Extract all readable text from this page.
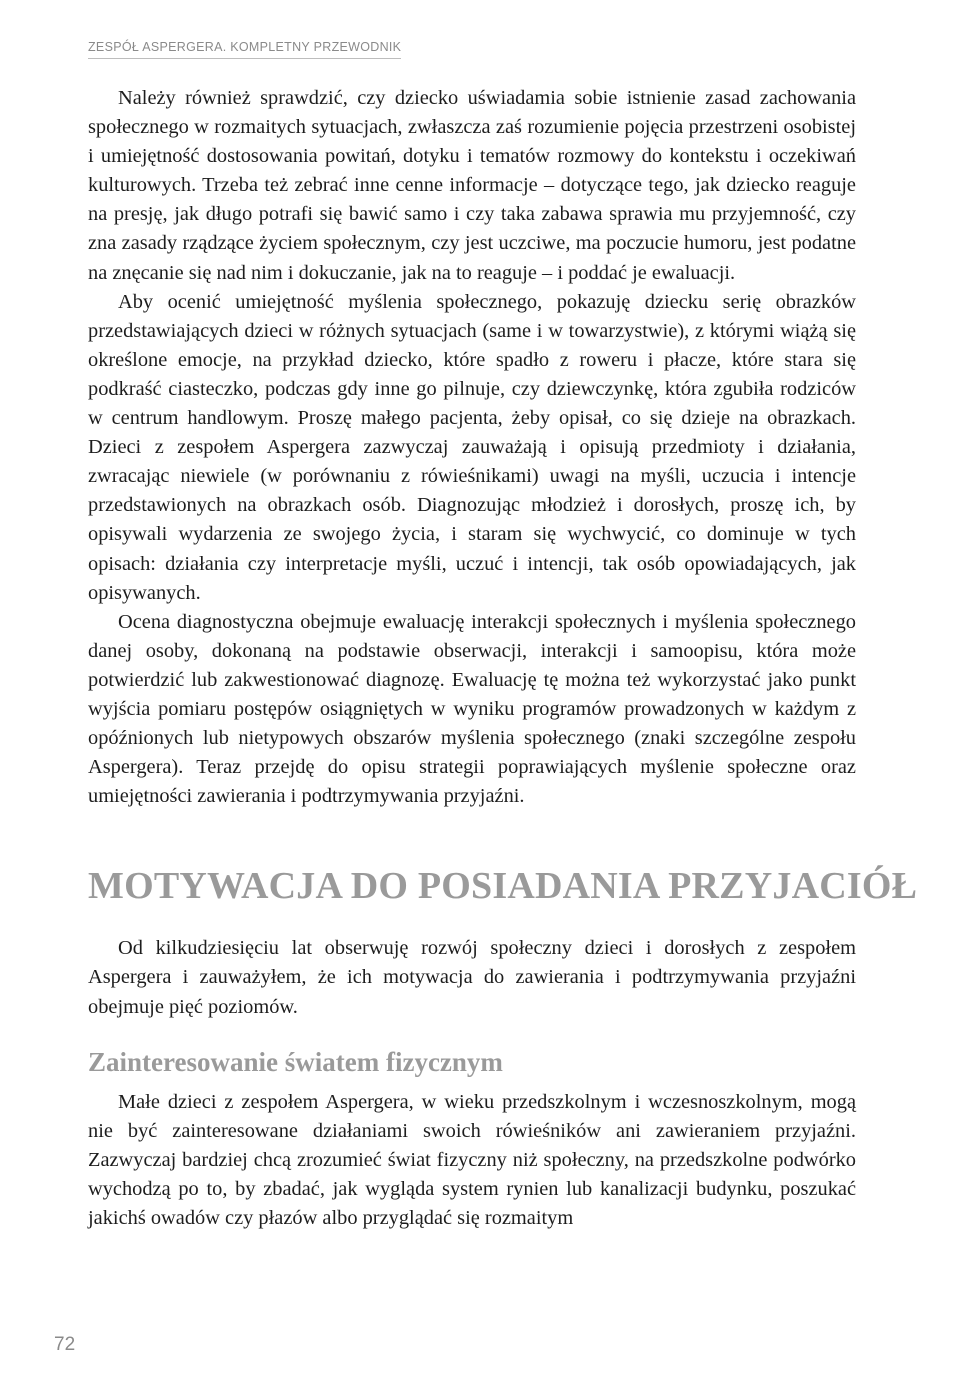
ZESPÓŁ ASPERGERA. KOMPLETNY PRZEWODNIK

Należy również sprawdzić, czy dziecko uświadamia sobie istnienie zasad zachowania społecznego w rozmaitych sytuacjach, zwłaszcza zaś rozumienie pojęcia przestrzeni osobistej i umiejętność dostosowania powitań, dotyku i tematów rozmowy do kontekstu i oczekiwań kulturowych. Trzeba też zebrać inne cenne informacje – dotyczące tego, jak dziecko reaguje na presję, jak długo potrafi się bawić samo i czy taka zabawa sprawia mu przyjemność, czy zna zasady rządzące życiem społecznym, czy jest uczciwe, ma poczucie humoru, jest podatne na znęcanie się nad nim i dokuczanie, jak na to reaguje – i poddać je ewaluacji.

Aby ocenić umiejętność myślenia społecznego, pokazuję dziecku serię obrazków przedstawiających dzieci w różnych sytuacjach (same i w towarzystwie), z którymi wiążą się określone emocje, na przykład dziecko, które spadło z roweru i płacze, które stara się podkraść ciasteczko, podczas gdy inne go pilnuje, czy dziewczynkę, która zgubiła rodziców w centrum handlowym. Proszę małego pacjenta, żeby opisał, co się dzieje na obrazkach. Dzieci z zespołem Aspergera zazwyczaj zauważają i opisują przedmioty i działania, zwracając niewiele (w porównaniu z rówieśnikami) uwagi na myśli, uczucia i intencje przedstawionych na obrazkach osób. Diagnozując młodzież i dorosłych, proszę ich, by opisywali wydarzenia ze swojego życia, i staram się wychwycić, co dominuje w tych opisach: działania czy interpretacje myśli, uczuć i intencji, tak osób opowiadających, jak opisywanych.

Ocena diagnostyczna obejmuje ewaluację interakcji społecznych i myślenia społecznego danej osoby, dokonaną na podstawie obserwacji, interakcji i samoopisu, która może potwierdzić lub zakwestionować diagnozę. Ewaluację tę można też wykorzystać jako punkt wyjścia pomiaru postępów osiągniętych w wyniku programów prowadzonych w każdym z opóźnionych lub nietypowych obszarów myślenia społecznego (znaki szczególne zespołu Aspergera). Teraz przejdę do opisu strategii poprawiających myślenie społeczne oraz umiejętności zawierania i podtrzymywania przyjaźni.

MOTYWACJA DO POSIADANIA PRZYJACIÓŁ

Od kilkudziesięciu lat obserwuję rozwój społeczny dzieci i dorosłych z zespołem Aspergera i zauważyłem, że ich motywacja do zawierania i podtrzymywania przyjaźni obejmuje pięć poziomów.

Zainteresowanie światem fizycznym

Małe dzieci z zespołem Aspergera, w wieku przedszkolnym i wczesnoszkolnym, mogą nie być zainteresowane działaniami swoich rówieśników ani zawieraniem przyjaźni. Zazwyczaj bardziej chcą zrozumieć świat fizyczny niż społeczny, na przedszkolne podwórko wychodzą po to, by zbadać, jak wygląda system rynien lub kanalizacji budynku, poszukać jakichś owadów czy płazów albo przyglądać się rozmaitym

72
